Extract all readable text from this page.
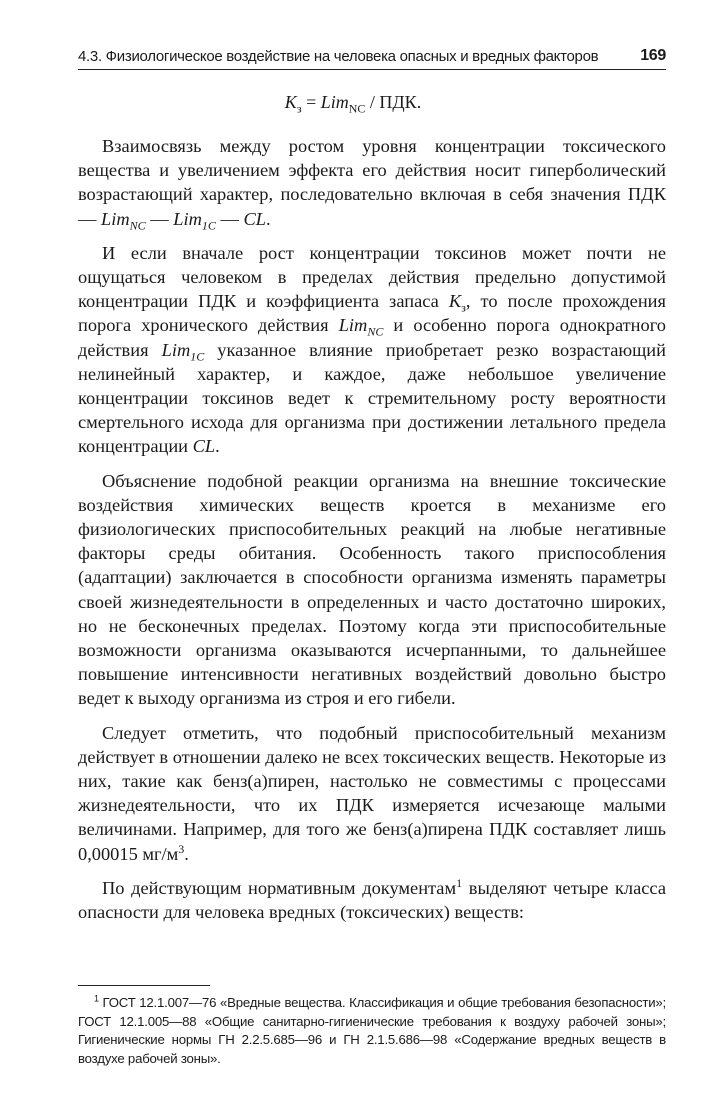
4.3. Физиологическое воздействие на человека опасных и вредных факторов	169
$K_з = Lim_{NC}$ / ПДК.

Взаимосвязь между ростом уровня концентрации токсического вещества и увеличением эффекта его действия носит гиперболический возрастающий характер, последовательно включая в себя значения ПДК — Lim$_{NC}$ — Lim$_{1C}$ — CL.

И если вначале рост концентрации токсинов может почти не ощущаться человеком в пределах действия предельно допустимой концентрации ПДК и коэффициента запаса $K_з$, то после прохождения порога хронического действия Lim$_{NC}$ и особенно порога однократного действия Lim$_{1C}$ указанное влияние приобретает резко возрастающий нелинейный характер, и каждое, даже небольшое увеличение концентрации токсинов ведет к стремительному росту вероятности смертельного исхода для организма при достижении летального предела концентрации CL.

Объяснение подобной реакции организма на внешние токсические воздействия химических веществ кроется в механизме его физиологических приспособительных реакций на любые негативные факторы среды обитания. Особенность такого приспособления (адаптации) заключается в способности организма изменять параметры своей жизнедеятельности в определенных и часто достаточно широких, но не бесконечных пределах. Поэтому когда эти приспособительные возможности организма оказываются исчерпанными, то дальнейшее повышение интенсивности негативных воздействий довольно быстро ведет к выходу организма из строя и его гибели.

Следует отметить, что подобный приспособительный механизм действует в отношении далеко не всех токсических веществ. Некоторые из них, такие как бенз(а)пирен, настолько не совместимы с процессами жизнедеятельности, что их ПДК измеряется исчезающе малыми величинами. Например, для того же бенз(а)пирена ПДК составляет лишь 0,00015 $мг/м^3$.

По действующим нормативным документам$^1$ выделяют четыре класса опасности для человека вредных (токсических) веществ:

$^1$ ГОСТ 12.1.007—76 «Вредные вещества. Классификация и общие требования безопасности»; ГОСТ 12.1.005—88 «Общие санитарно-гигиенические требования к воздуху рабочей зоны»; Гигиенические нормы ГН 2.2.5.685—96 и ГН 2.1.5.686—98 «Содержание вредных веществ в воздухе рабочей зоны».
